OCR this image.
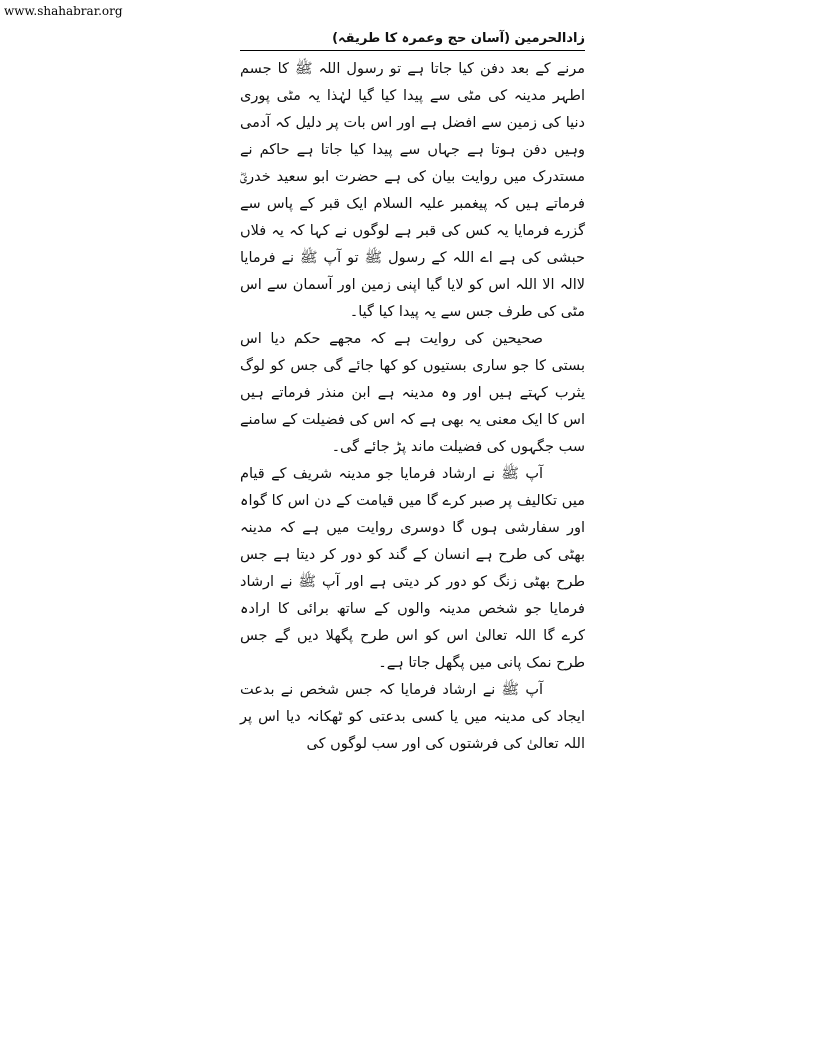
www.shahabrar.org
زادالحرمین (آسان حج وعمرہ کا طریقہ)

مرنے کے بعد دفن کیا جاتا ہے تو رسول اللہ ﷺ کا جسم اطہر مدینہ کی مٹی سے پیدا کیا گیا لہٰذا یہ مٹی پوری دنیا کی زمین سے افضل ہے اور اس بات پر دلیل کہ آدمی وہیں دفن ہوتا ہے جہاں سے پیدا کیا جاتا ہے حاکم نے مستدرک میں روایت بیان کی ہے حضرت ابو سعید خدریؓ فرماتے ہیں کہ پیغمبر علیہ السلام ایک قبر کے پاس سے گزرے فرمایا یہ کس کی قبر ہے لوگوں نے کہا کہ یہ فلاں حبشی کی ہے اے اللہ کے رسول ﷺ تو آپ ﷺ نے فرمایا لاالہ الا اللہ اس کو لایا گیا اپنی زمین اور آسمان سے اس مٹی کی طرف جس سے یہ پیدا کیا گیا۔

صحیحین کی روایت ہے کہ مجھے حکم دیا اس بستی کا جو ساری بستیوں کو کھا جائے گی جس کو لوگ یثرب کہتے ہیں اور وہ مدینہ ہے ابن منذر فرماتے ہیں اس کا ایک معنی یہ بھی ہے کہ اس کی فضیلت کے سامنے سب جگہوں کی فضیلت ماند پڑ جائے گی۔

آپ ﷺ نے ارشاد فرمایا جو مدینہ شریف کے قیام میں تکالیف پر صبر کرے گا میں قیامت کے دن اس کا گواہ اور سفارشی ہوں گا دوسری روایت میں ہے کہ مدینہ بھٹی کی طرح ہے انسان کے گند کو دور کر دیتا ہے جس طرح بھٹی زنگ کو دور کر دیتی ہے اور آپ ﷺ نے ارشاد فرمایا جو شخص مدینہ والوں کے ساتھ برائی کا ارادہ کرے گا اللہ تعالیٰ اس کو اس طرح پگھلا دیں گے جس طرح نمک پانی میں پگھل جاتا ہے۔

آپ ﷺ نے ارشاد فرمایا کہ جس شخص نے بدعت ایجاد کی مدینہ میں یا کسی بدعتی کو ٹھکانہ دیا اس پر اللہ تعالیٰ کی فرشتوں کی اور سب لوگوں کی
